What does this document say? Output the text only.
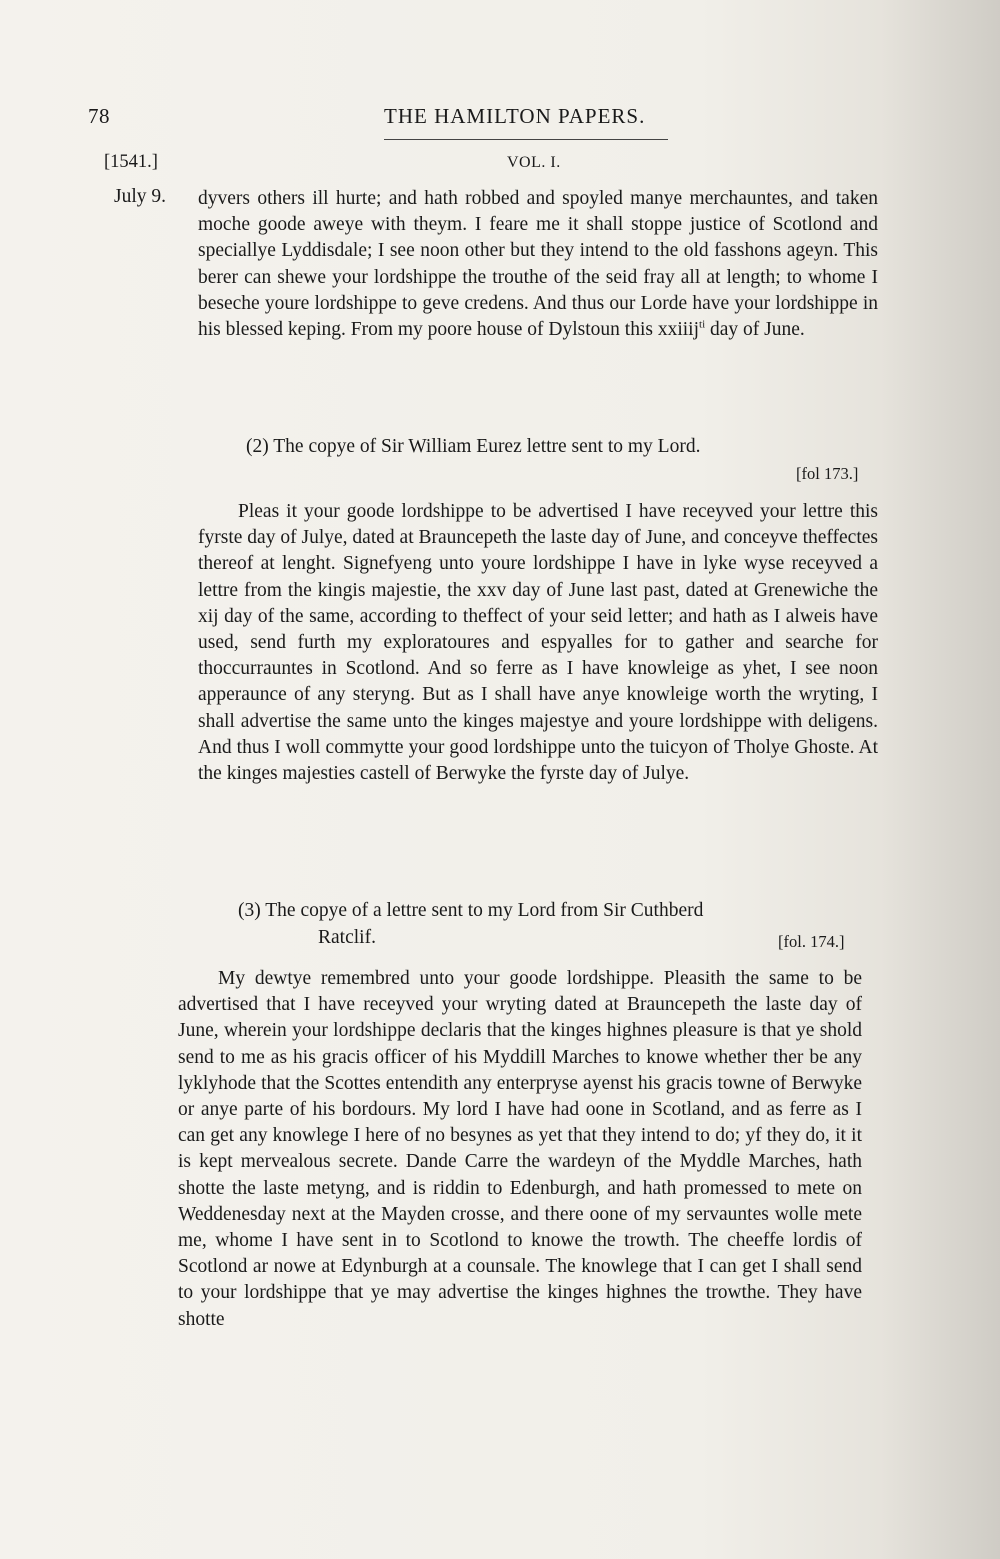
78	THE HAMILTON PAPERS.
[1541.]	VOL. I.
July 9. dyvers others ill hurte; and hath robbed and spoyled manye merchauntes, and taken moche goode aweye with theym. I feare me it shall stoppe justice of Scotlond and speciallye Lyddisdale; I see noon other but they intend to the old fasshons ageyn. This berer can shewe your lordshippe the trouthe of the seid fray all at length; to whome I beseche youre lordshippe to geve credens. And thus our Lorde have your lordshippe in his blessed keping. From my poore house of Dylstoun this xxiiij$^{ti}$ day of June.
(2) The copye of Sir William Eurez lettre sent to my Lord.
[fol 173.]
Pleas it your goode lordshippe to be advertised I have receyved your lettre this fyrste day of Julye, dated at Brauncepeth the laste day of June, and conceyve theffectes thereof at lenght. Signefyeng unto youre lordshippe I have in lyke wyse receyved a lettre from the kingis majestie, the xxv day of June last past, dated at Grenewiche the xij day of the same, according to theffect of your seid letter; and hath as I alweis have used, send furth my exploratoures and espyalles for to gather and searche for thoccurrauntes in Scotlond. And so ferre as I have knowleige as yhet, I see noon apperaunce of any steryng. But as I shall have anye knowleige worth the wryting, I shall advertise the same unto the kinges majestye and youre lordshippe with deligens. And thus I woll commytte your good lordshippe unto the tuicyon of Tholye Ghoste. At the kinges majesties castell of Berwyke the fyrste day of Julye.
(3) The copye of a lettre sent to my Lord from Sir Cuthberd
Ratclif.	[fol. 174.]
My dewtye remembred unto your goode lordshippe. Pleasith the same to be advertised that I have receyved your wryting dated at Brauncepeth the laste day of June, wherein your lordshippe declaris that the kinges highnes pleasure is that ye shold send to me as his gracis officer of his Myddill Marches to knowe whether ther be any lyklyhode that the Scottes entendith any enterpryse ayenst his gracis towne of Berwyke or anye parte of his bordours. My lord I have had oone in Scotland, and as ferre as I can get any knowlege I here of no besynes as yet that they intend to do; yf they do, it it is kept mervealous secrete. Dande Carre the wardeyn of the Myddle Marches, hath shotte the laste metyng, and is riddin to Edenburgh, and hath promessed to mete on Weddenesday next at the Mayden crosse, and there oone of my servauntes wolle mete me, whome I have sent in to Scotlond to knowe the trowth. The cheeffe lordis of Scotlond ar nowe at Edynburgh at a counsale. The knowlege that I can get I shall send to your lordshippe that ye may advertise the kinges highnes the trowthe. They have shotte
